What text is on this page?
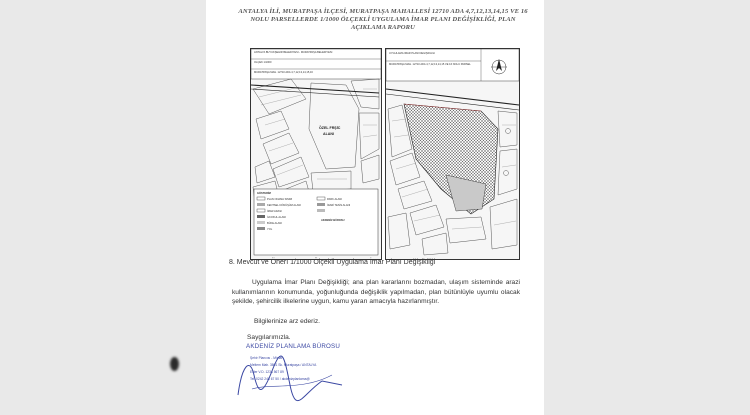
ANTALYA İLİ, MURATPAŞA İLÇESİ, MURATPAŞA MAHALLESİ 12710 ADA 4,7,12,13,14,15 VE 16 NOLU PARSELLERDE 1/1000 ÖLÇEKLİ UYGULAMA İMAR PLANI DEĞİŞİKLİĞİ, PLAN AÇIKLAMA RAPORU
ÖZEL FRŞİC
ALANI
GÖSTERİM
PLAN ONAMA SINIRI
KENTSEL DÖNÜŞÜM ALANI
İMAR ADASI
İLKOKUL ALANI
BÜFE ALANI
YOL
PARK ALANI
İDARİ TESİS ALANI
AKDENİZ BÜROSU
ANTALYA BÜYÜKŞEHİR BELEDİYESİ - MURATPAŞA BELEDİYESİ
ÖLÇEK 1/1000
MURATPAŞA MAH. 12710 ADA 4,7,12,13,14,15,16
UYGULAMA İMAR PLANI DEĞİŞİKLİĞİ
MURATPAŞA MAH. 12710 ADA 4,7,12,13,14,15 VE 16 NOLU PARSEL
8. Mevcut ve Önerı 1/1000 Ölçekli Uygulama İmar Planı Değişikliği

Uygulama İmar Planı Değişikliği; ana plan kararlarını bozmadan, ulaşım sisteminde arazi kullanımlarının konumunda, yoğunluğunda değişiklik yapılmadan, plan bütünlüyle uyumlu olacak şekilde, şehircilik ilkelerine uygun, kamu yararı amacıyla hazırlanmıştır.

Bilgilerinize arz ederiz.
Saygılarımızla.
AKDENİZ PLANLAMA BÜROSU
Şehir Plancısı - Mimar
Meltem Mah. 3801 Sk. Muratpaşa / ANTALYA
Etiler V.D. 1234 567 89
Tel: 0242 248 67 50 / akdenizplanlama@
